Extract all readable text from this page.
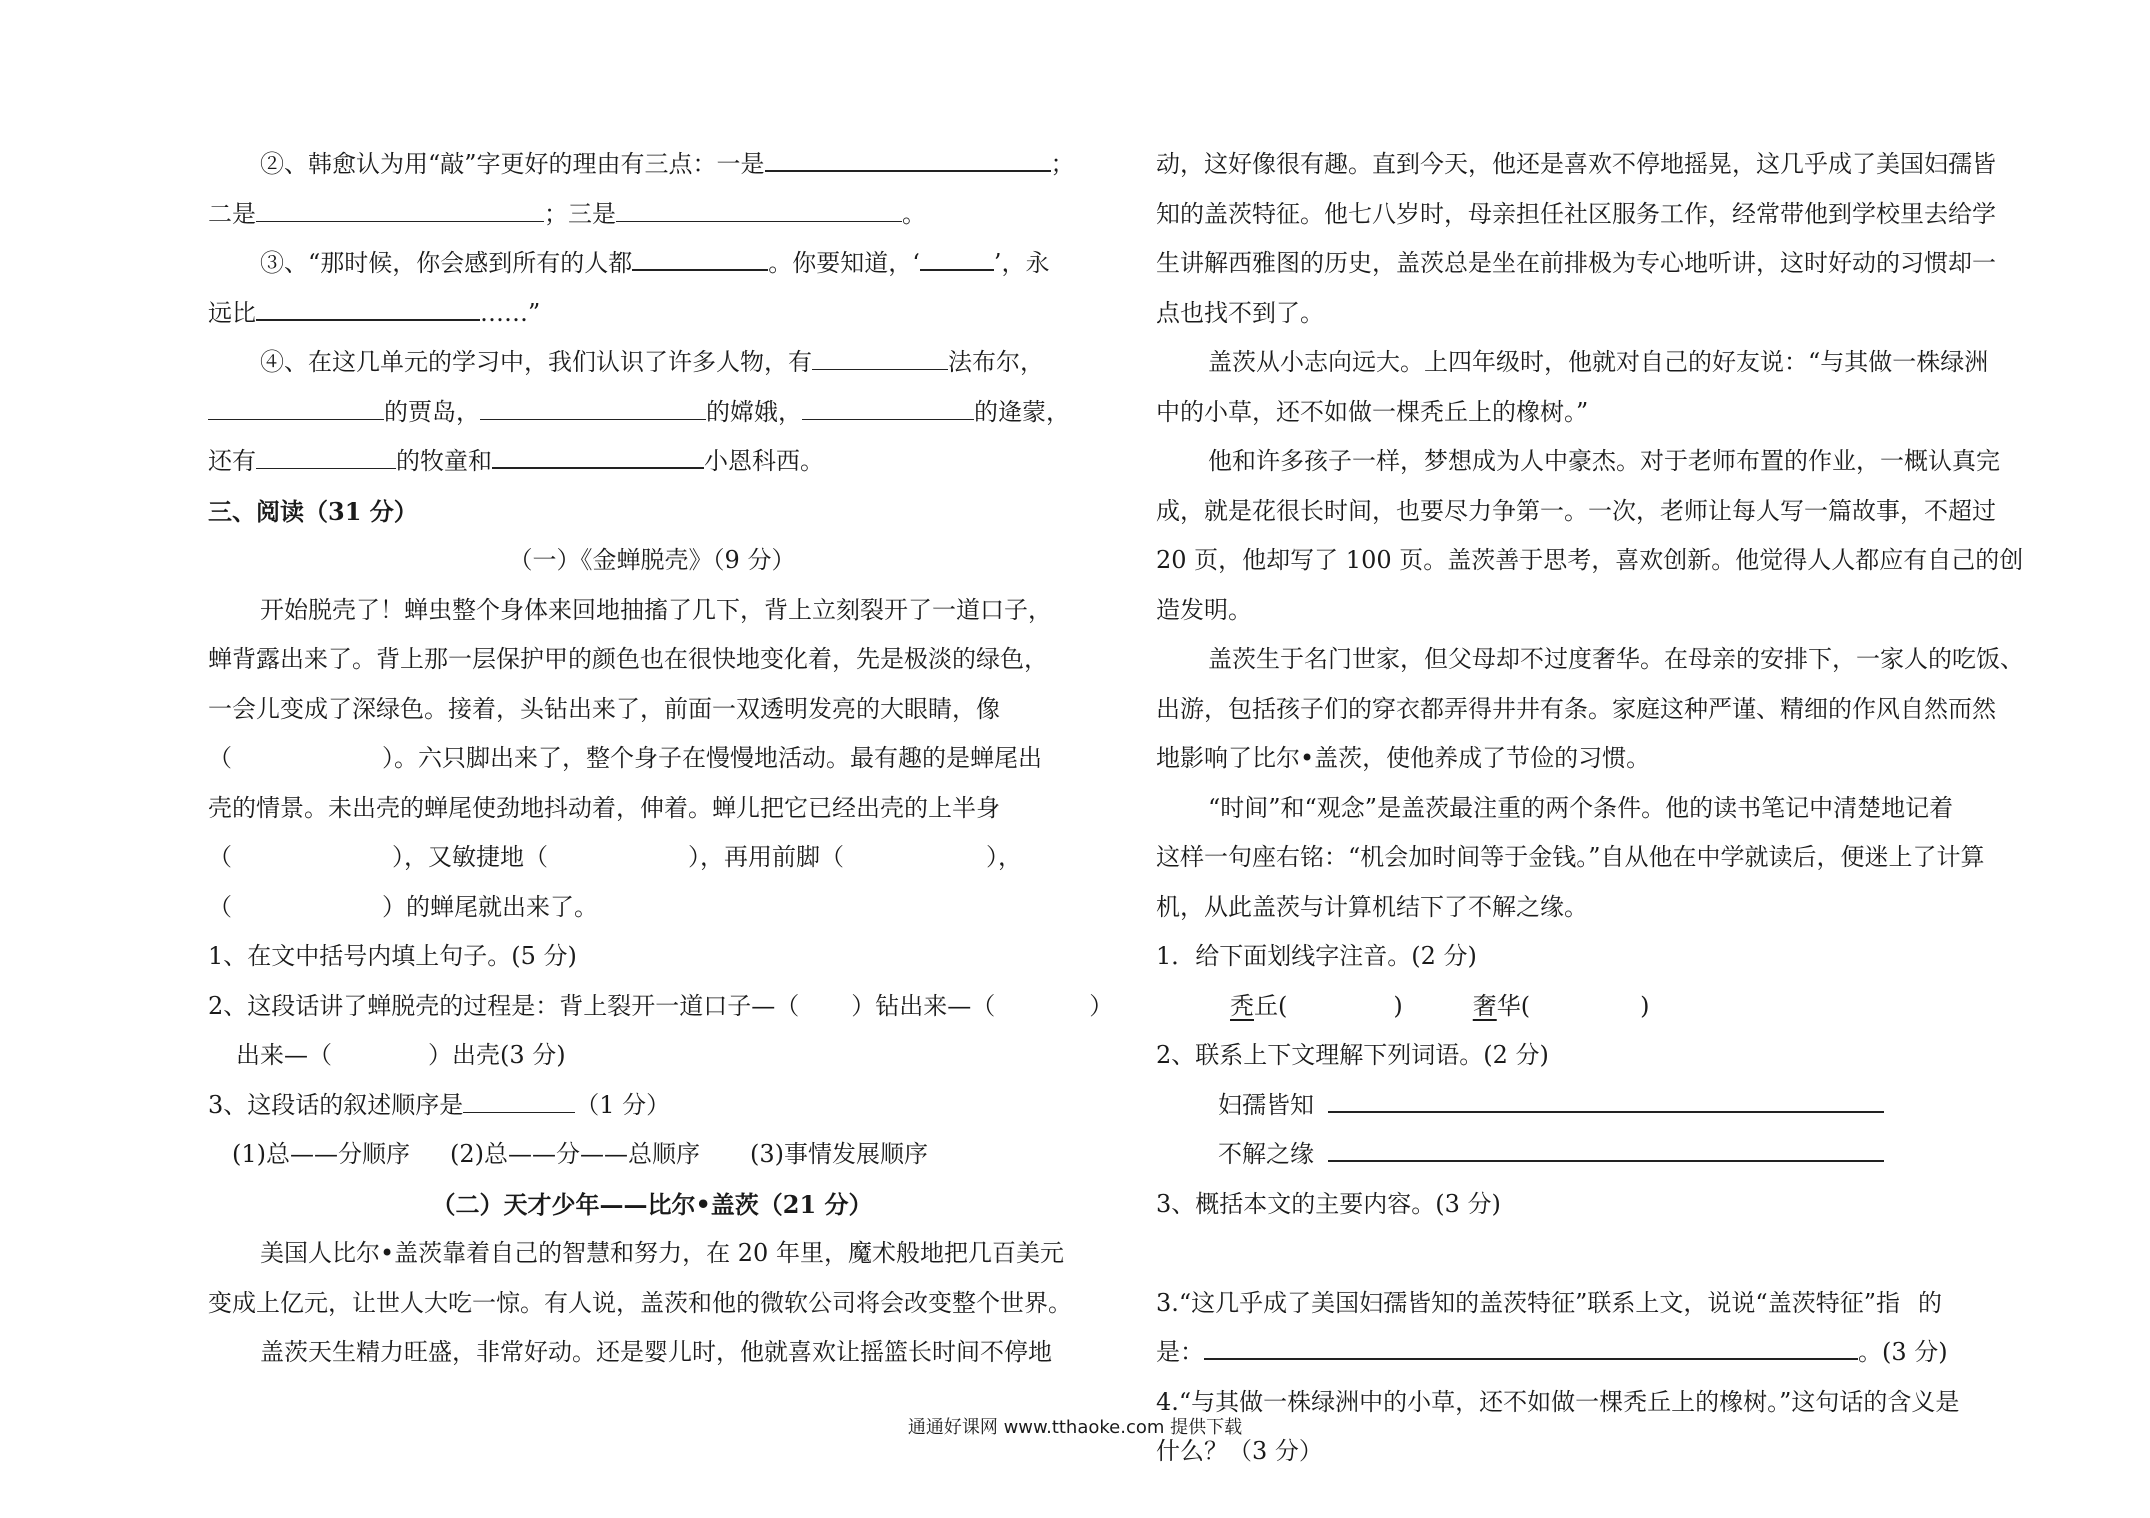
②、韩愈认为用“敲”字更好的理由有三点：一是	；
二是	；三是	。
③、“那时候，你会感到所有的人都	。你要知道，‘	’，永
远比	……”
④、在这几单元的学习中，我们认识了许多人物，有	法布尔，
的贾岛，	的嫦娥，	的逄蒙，
还有	的牧童和	小恩科西。
三、阅读（31 分）
（一）《金蝉脱壳》（9 分）
开始脱壳了！蝉虫整个身体来回地抽搐了几下，背上立刻裂开了一道口子，
蝉背露出来了。背上那一层保护甲的颜色也在很快地变化着，先是极淡的绿色，
一会儿变成了深绿色。接着，头钻出来了，前面一双透明发亮的大眼睛，像
（	）。六只脚出来了，整个身子在慢慢地活动。最有趣的是蝉尾出
壳的情景。未出壳的蝉尾使劲地抖动着，伸着。蝉儿把它已经出壳的上半身
（	），又敏捷地（	），再用前脚（	），
（	）的蝉尾就出来了。
1、在文中括号内填上句子。(5 分)
2、这段话讲了蝉脱壳的过程是：背上裂开一道口子—（ ）钻出来—（	）
出来—（	）出壳(3 分)
3、这段话的叙述顺序是	（1 分）
(1)总——分顺序 (2)总——分——总顺序 (3)事情发展顺序
（二）天才少年——比尔•盖茨（21 分）
美国人比尔•盖茨靠着自己的智慧和努力，在 20 年里，魔术般地把几百美元
变成上亿元，让世人大吃一惊。有人说，盖茨和他的微软公司将会改变整个世界。
盖茨天生精力旺盛，非常好动。还是婴儿时，他就喜欢让摇篮长时间不停地
动，这好像很有趣。直到今天，他还是喜欢不停地摇晃，这几乎成了美国妇孺皆
知的盖茨特征。他七八岁时，母亲担任社区服务工作，经常带他到学校里去给学
生讲解西雅图的历史，盖茨总是坐在前排极为专心地听讲，这时好动的习惯却一
点也找不到了。
盖茨从小志向远大。上四年级时，他就对自己的好友说：“与其做一株绿洲
中的小草，还不如做一棵秃丘上的橡树。”
他和许多孩子一样，梦想成为人中豪杰。对于老师布置的作业，一概认真完
成，就是花很长时间，也要尽力争第一。一次，老师让每人写一篇故事，不超过
20 页，他却写了 100 页。盖茨善于思考，喜欢创新。他觉得人人都应有自己的创
造发明。
盖茨生于名门世家，但父母却不过度奢华。在母亲的安排下，一家人的吃饭、
出游，包括孩子们的穿衣都弄得井井有条。家庭这种严谨、精细的作风自然而然
地影响了比尔•盖茨，使他养成了节俭的习惯。
“时间”和“观念”是盖茨最注重的两个条件。他的读书笔记中清楚地记着
这样一句座右铭：“机会加时间等于金钱。”自从他在中学就读后，便迷上了计算
机，从此盖茨与计算机结下了不解之缘。
1．给下面划线字注音。(2 分)
秃丘(	)	奢华(	)
2、联系上下文理解下列词语。(2 分)
妇孺皆知
不解之缘
3、概括本文的主要内容。(3 分)
3.“这几乎成了美国妇孺皆知的盖茨特征”联系上文，说说“盖茨特征”指 的
是：	。(3 分)
4.“与其做一株绿洲中的小草，还不如做一棵秃丘上的橡树。”这句话的含义是
什么？（3 分）
通通好课网 www.tthaoke.com 提供下载
